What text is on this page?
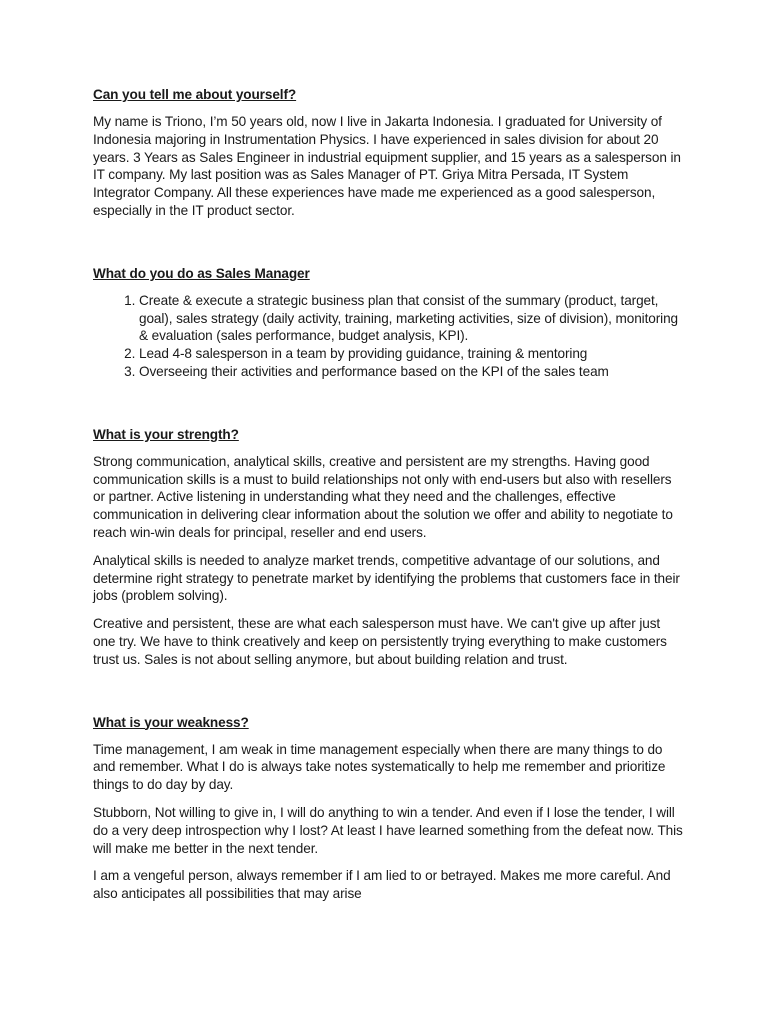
Can you tell me about yourself?

My name is Triono, I’m 50 years old, now I live in Jakarta Indonesia. I graduated for University of Indonesia majoring in Instrumentation Physics. I have experienced in sales division for about 20 years. 3 Years as Sales Engineer in industrial equipment supplier, and 15 years as a salesperson in IT company. My last position was as Sales Manager of PT. Griya Mitra Persada, IT System Integrator Company. All these experiences have made me experienced as a good salesperson, especially in the IT product sector.

What do you do as Sales Manager
1. Create & execute a strategic business plan that consist of the summary (product, target, goal), sales strategy (daily activity, training, marketing activities, size of division), monitoring & evaluation (sales performance, budget analysis, KPI).
2. Lead 4-8 salesperson in a team by providing guidance, training & mentoring
3. Overseeing their activities and performance based on the KPI of the sales team
What is your strength?

Strong communication, analytical skills, creative and persistent are my strengths. Having good communication skills is a must to build relationships not only with end-users but also with resellers or partner. Active listening in understanding what they need and the challenges, effective communication in delivering clear information about the solution we offer and ability to negotiate to reach win-win deals for principal, reseller and end users.

Analytical skills is needed to analyze market trends, competitive advantage of our solutions, and determine right strategy to penetrate market by identifying the problems that customers face in their jobs (problem solving).

Creative and persistent, these are what each salesperson must have. We can't give up after just one try. We have to think creatively and keep on persistently trying everything to make customers trust us. Sales is not about selling anymore, but about building relation and trust.

What is your weakness?

Time management, I am weak in time management especially when there are many things to do and remember. What I do is always take notes systematically to help me remember and prioritize things to do day by day.

Stubborn, Not willing to give in, I will do anything to win a tender. And even if I lose the tender, I will do a very deep introspection why I lost? At least I have learned something from the defeat now. This will make me better in the next tender.

I am a vengeful person, always remember if I am lied to or betrayed. Makes me more careful. And also anticipates all possibilities that may arise
